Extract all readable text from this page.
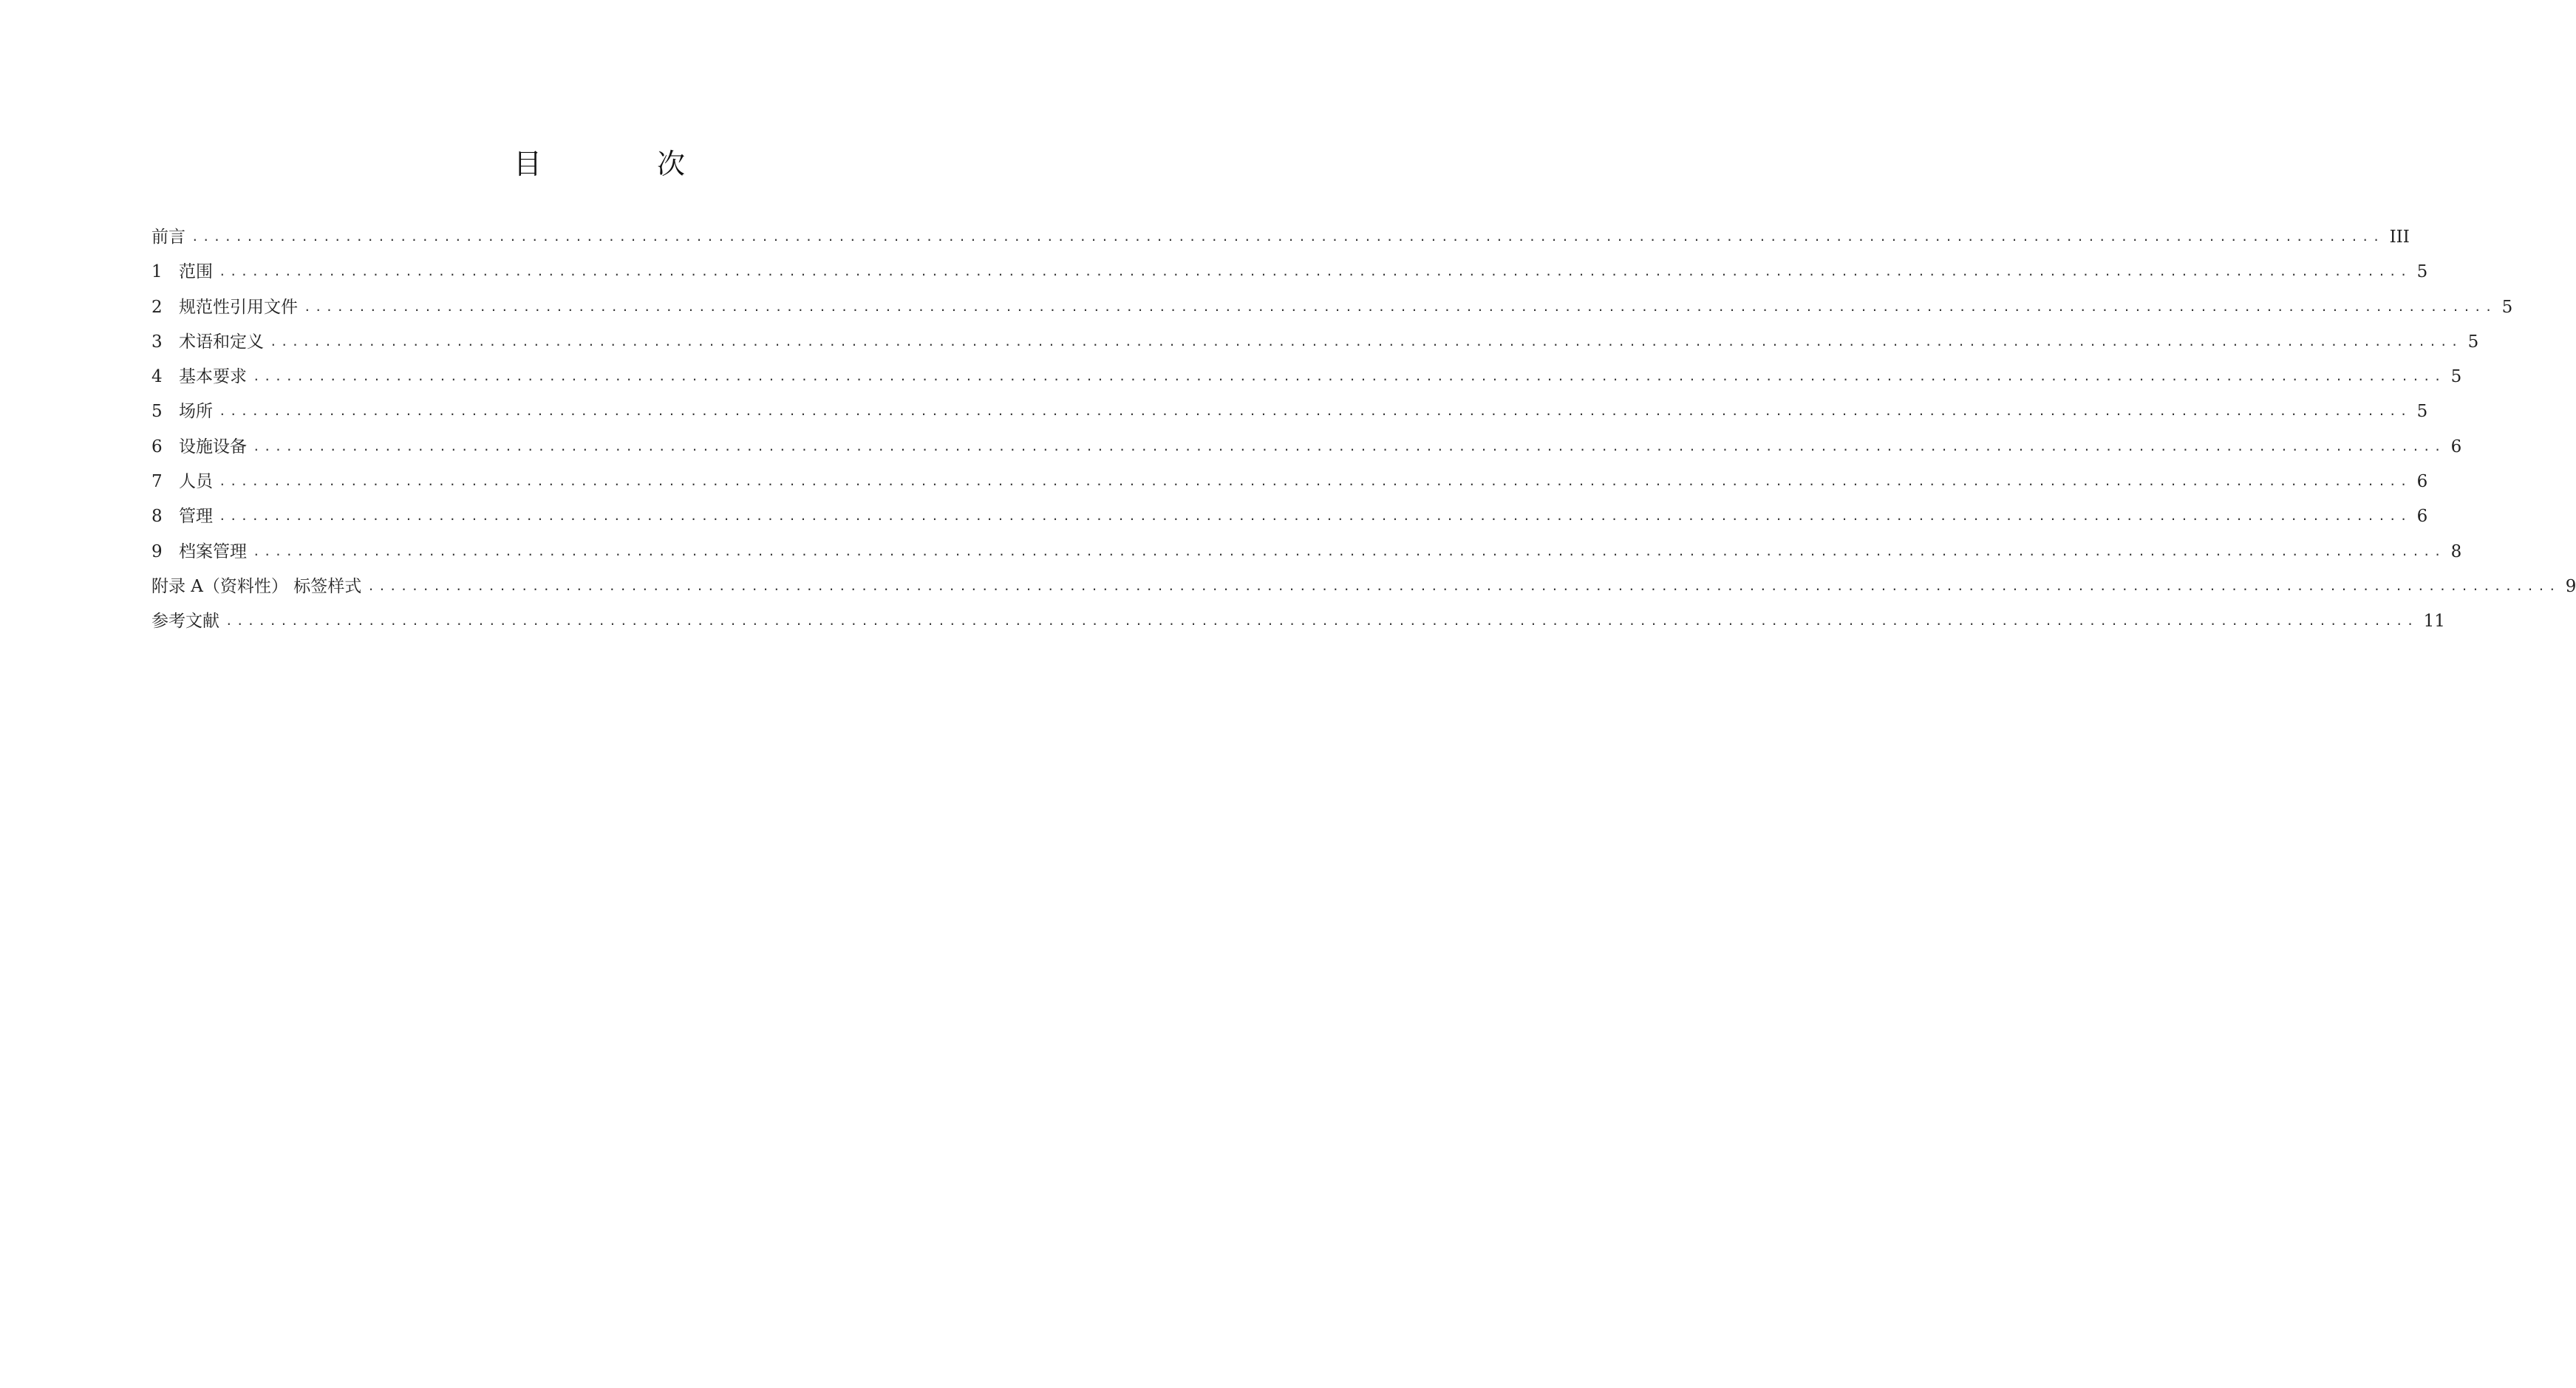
目 次
前言 ........................................................................................................................................................................................................ III
1 范围 ........................................................................................................................................................................................................ 5
2 规范性引用文件 ........................................................................................................................................................................................................ 5
3 术语和定义 ........................................................................................................................................................................................................ 5
4 基本要求 ........................................................................................................................................................................................................ 5
5 场所 ........................................................................................................................................................................................................ 5
6 设施设备 ........................................................................................................................................................................................................ 6
7 人员 ........................................................................................................................................................................................................ 6
8 管理 ........................................................................................................................................................................................................ 6
9 档案管理 ........................................................................................................................................................................................................ 8
附录 A（资料性） 标签样式 ........................................................................................................................................................................................................ 9
参考文献 ........................................................................................................................................................................................................ 11
